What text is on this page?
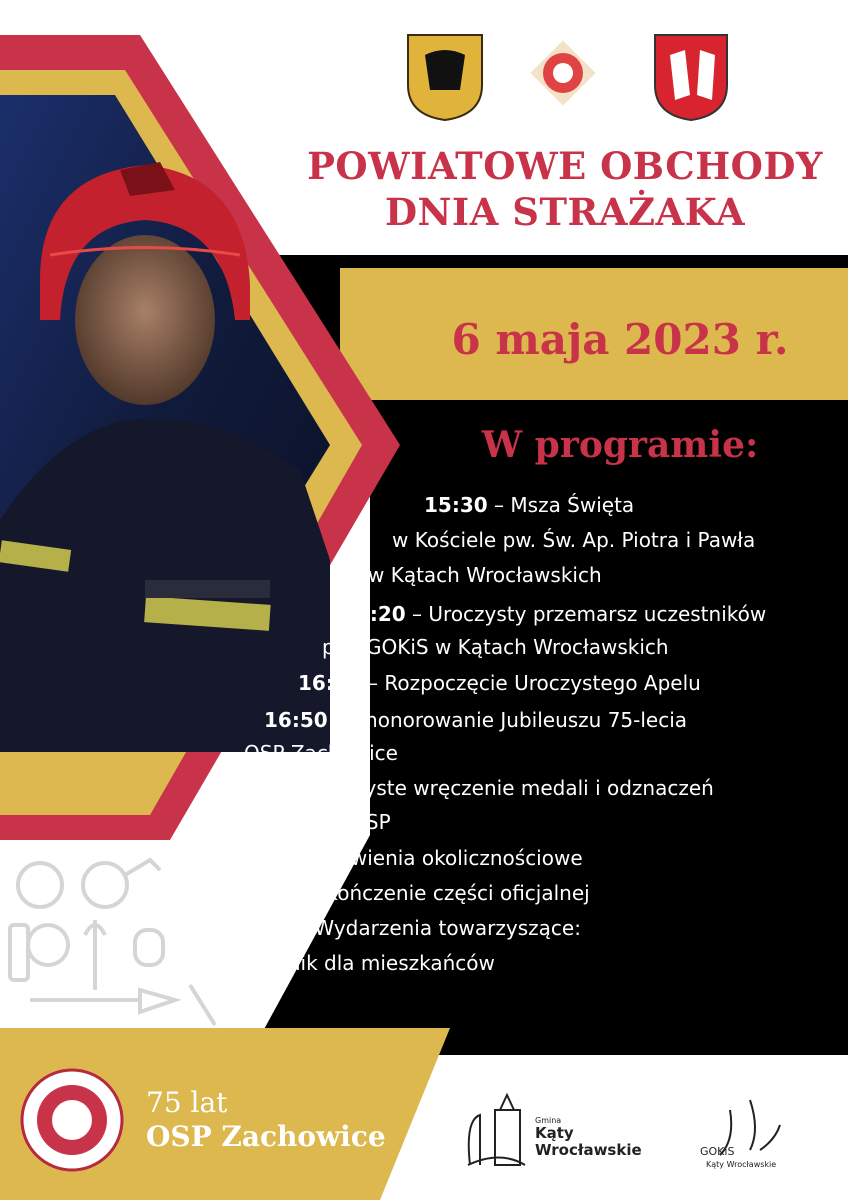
POWIATOWE OBCHODY
DNIA STRAŻAKA
6 maja 2023 r.
W programie:
15:30 – Msza Święta
w Kościele pw. Św. Ap. Piotra i Pawła
w Kątach Wrocławskich
16:20 – Uroczysty przemarsz uczestników
pod GOKiS w Kątach Wrocławskich
16:40 – Rozpoczęcie Uroczystego Apelu
16:50 – Uhonorowanie Jubileuszu 75-lecia
OSP Zachowice
17:00 – Uroczyste wręczenie medali i odznaczeń
dla strażaków OSP
17:20 – Przemówienia okolicznościowe
17:30 – Zakończenie części oficjalnej
17:45 – Wydarzenia towarzyszące:
piknik dla mieszkańców
75 lat
OSP Zachowice	Gmina
Kąty
Wrocławskie	GOKiS
Kąty Wrocławskie
